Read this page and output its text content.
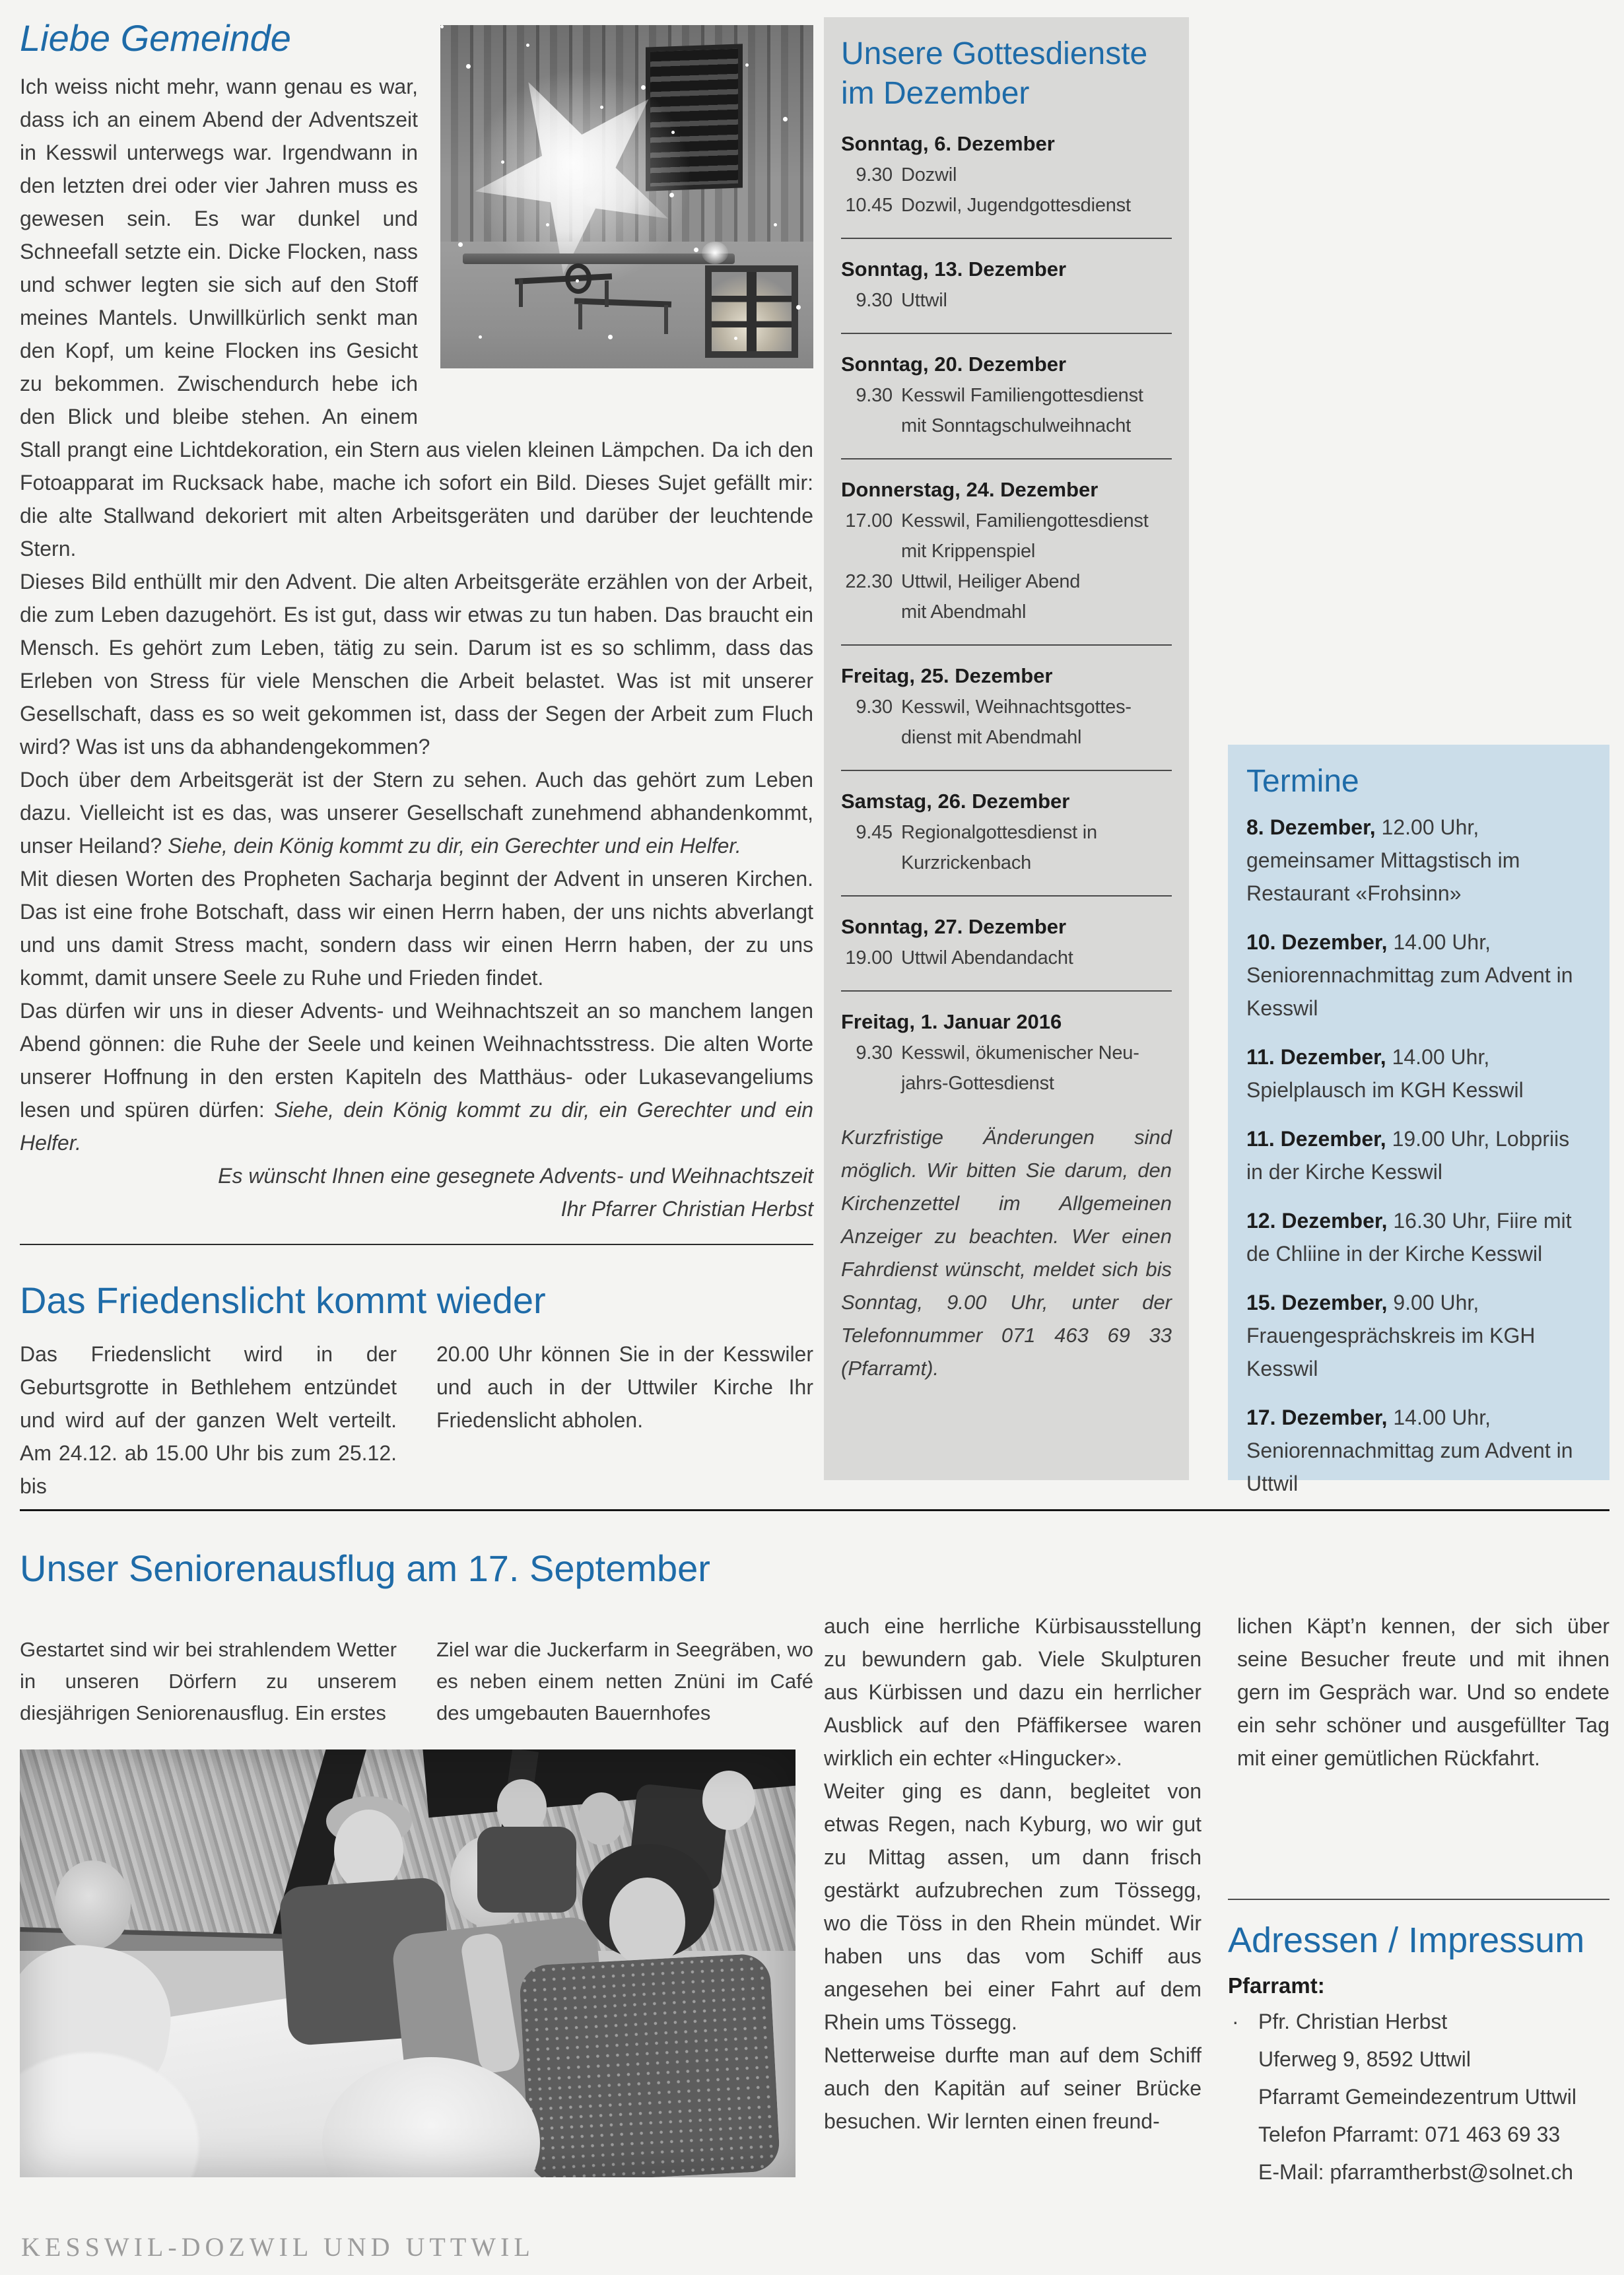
Liebe Gemeinde

Ich weiss nicht mehr, wann genau es war, dass ich an einem Abend der Adventszeit in Kesswil unterwegs war. Irgendwann in den letzten drei oder vier Jahren muss es gewesen sein. Es war dunkel und Schneefall setzte ein. Dicke Flocken, nass und schwer legten sie sich auf den Stoff meines Mantels. Unwillkürlich senkt man den Kopf, um keine Flocken ins Gesicht zu bekommen. Zwischendurch hebe ich den Blick und bleibe stehen. An einem Stall prangt eine Lichtdekoration, ein Stern aus vielen kleinen Lämpchen. Da ich den Fotoapparat im Rucksack habe, mache ich sofort ein Bild. Dieses Sujet gefällt mir: die alte Stallwand dekoriert mit alten Arbeitsgeräten und darüber der leuchtende Stern.

Dieses Bild enthüllt mir den Advent. Die alten Arbeitsgeräte erzählen von der Arbeit, die zum Leben dazugehört. Es ist gut, dass wir etwas zu tun haben. Das braucht ein Mensch. Es gehört zum Leben, tätig zu sein. Darum ist es so schlimm, dass das Erleben von Stress für viele Menschen die Arbeit belastet. Was ist mit unserer Gesellschaft, dass es so weit gekommen ist, dass der Segen der Arbeit zum Fluch wird? Was ist uns da abhandengekommen?

Doch über dem Arbeitsgerät ist der Stern zu sehen. Auch das gehört zum Leben dazu. Vielleicht ist es das, was unserer Gesellschaft zunehmend abhandenkommt, unser Heiland? Siehe, dein König kommt zu dir, ein Gerechter und ein Helfer.

Mit diesen Worten des Propheten Sacharja beginnt der Advent in unseren Kirchen. Das ist eine frohe Botschaft, dass wir einen Herrn haben, der uns nichts abverlangt und uns damit Stress macht, sondern dass wir einen Herrn haben, der zu uns kommt, damit unsere Seele zu Ruhe und Frieden findet.

Das dürfen wir uns in dieser Advents- und Weihnachtszeit an so manchem langen Abend gönnen: die Ruhe der Seele und keinen Weihnachtsstress. Die alten Worte unserer Hoffnung in den ersten Kapiteln des Matthäus- oder Lukasevangeliums lesen und spüren dürfen: Siehe, dein König kommt zu dir, ein Gerechter und ein Helfer.

Es wünscht Ihnen eine gesegnete Advents- und Weihnachtszeit

Ihr Pfarrer Christian Herbst

Das Friedenslicht kommt wieder

Das Friedenslicht wird in der Geburtsgrotte in Bethlehem entzündet und wird auf der ganzen Welt verteilt. Am 24.12. ab 15.00 Uhr bis zum 25.12. bis

20.00 Uhr können Sie in der Kesswiler und auch in der Uttwiler Kirche Ihr Friedenslicht abholen.

Unsere Gottesdienste
im Dezember
Sonntag, 6. Dezember
9.30 Dozwil
10.45 Dozwil, Jugendgottesdienst
Sonntag, 13. Dezember
9.30 Uttwil
Sonntag, 20. Dezember
9.30 Kesswil Familiengottesdienst
mit Sonntagschulweihnacht
Donnerstag, 24. Dezember
17.00 Kesswil, Familiengottesdienst
mit Krippenspiel
22.30 Uttwil, Heiliger Abend
mit Abendmahl
Freitag, 25. Dezember
9.30 Kesswil, Weihnachtsgottes-
dienst mit Abendmahl
Samstag, 26. Dezember
9.45 Regionalgottesdienst in
Kurzrickenbach
Sonntag, 27. Dezember
19.00 Uttwil Abendandacht
Freitag, 1. Januar 2016
9.30 Kesswil, ökumenischer Neu-
jahrs-Gottesdienst

Kurzfristige Änderungen sind möglich. Wir bitten Sie darum, den Kirchenzettel im Allgemeinen Anzeiger zu beachten. Wer einen Fahrdienst wünscht, meldet sich bis Sonntag, 9.00 Uhr, unter der Telefonnummer 071 463 69 33 (Pfarramt).

Termine

8. Dezember, 12.00 Uhr, gemeinsamer Mittagstisch im Restaurant «Frohsinn»

10. Dezember, 14.00 Uhr, Seniorennachmittag zum Advent in Kesswil

11. Dezember, 14.00 Uhr, Spielplausch im KGH Kesswil

11. Dezember, 19.00 Uhr, Lobpriis in der Kirche Kesswil

12. Dezember, 16.30 Uhr, Fiire mit de Chliine in der Kirche Kesswil

15. Dezember, 9.00 Uhr, Frauengesprächskreis im KGH Kesswil

17. Dezember, 14.00 Uhr, Seniorennachmittag zum Advent in Uttwil

Unser Seniorenausflug am 17. September

Gestartet sind wir bei strahlendem Wetter in unseren Dörfern zu unserem diesjährigen Seniorenausflug. Ein erstes

Ziel war die Juckerfarm in Seegräben, wo es neben einem netten Znüni im Café des umgebauten Bauernhofes

auch eine herrliche Kürbisausstellung zu bewundern gab. Viele Skulpturen aus Kürbissen und dazu ein herrlicher Ausblick auf den Pfäffikersee waren wirklich ein echter «Hingucker».

Weiter ging es dann, begleitet von etwas Regen, nach Kyburg, wo wir gut zu Mittag assen, um dann frisch gestärkt aufzubrechen zum Tössegg, wo die Töss in den Rhein mündet. Wir haben uns das vom Schiff aus angesehen bei einer Fahrt auf dem Rhein ums Tössegg.

Netterweise durfte man auf dem Schiff auch den Kapitän auf seiner Brücke besuchen. Wir lernten einen freund-

lichen Käpt’n kennen, der sich über seine Besucher freute und mit ihnen gern im Gespräch war. Und so endete ein sehr schöner und ausgefüllter Tag mit einer gemütlichen Rückfahrt.

Adressen / Impressum
Pfarramt:
· Pfr. Christian Herbst
Uferweg 9, 8592 Uttwil
Pfarramt Gemeindezentrum Uttwil
Telefon Pfarramt: 071 463 69 33
E-Mail: pfarramtherbst@solnet.ch
KESSWIL-DOZWIL UND UTTWIL
